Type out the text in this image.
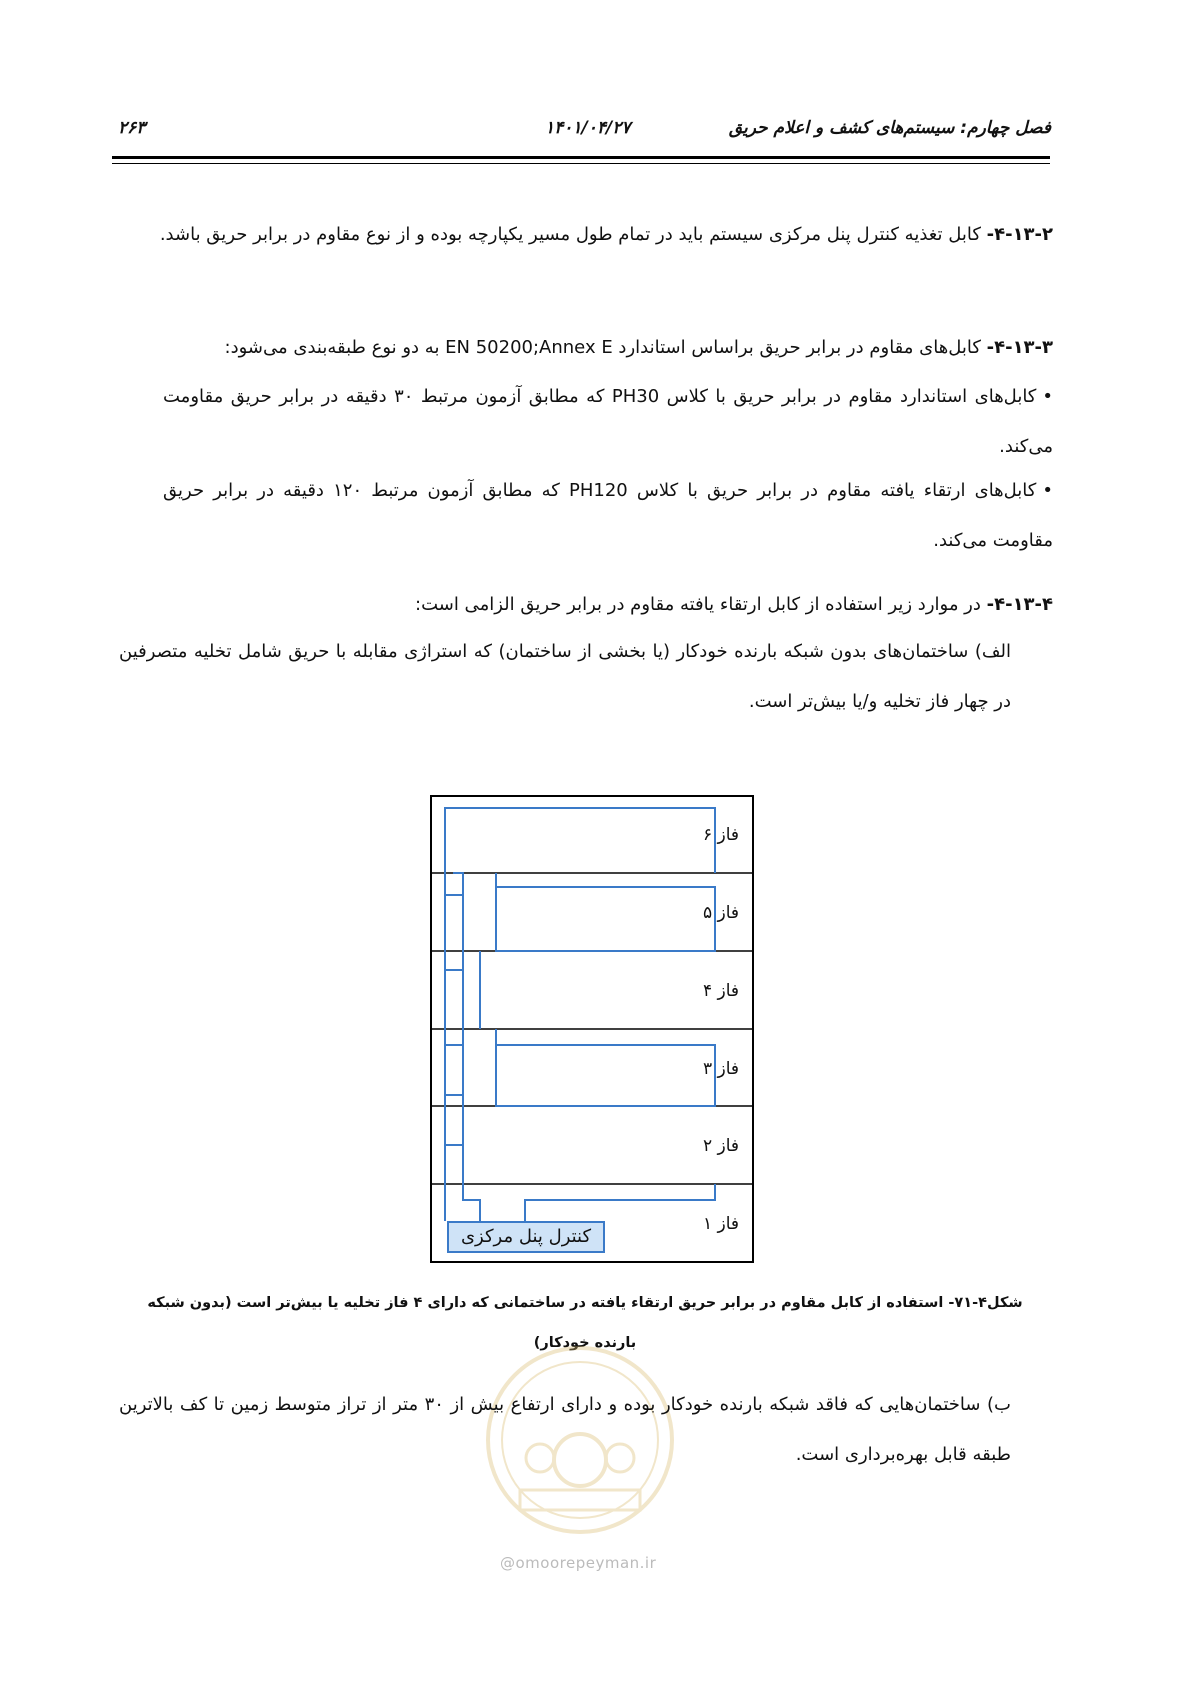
۲۶۳	۱۴۰۱/۰۴/۲۷	فصل چهارم: سیستم‌های کشف و اعلام حریق
۴-۱۳-۲- کابل تغذیه کنترل پنل مرکزی سیستم باید در تمام طول مسیر یکپارچه بوده و از نوع مقاوم در برابر حریق باشد.
۴-۱۳-۳- کابل‌های مقاوم در برابر حریق براساس استاندارد EN 50200;Annex E به دو نوع طبقه‌بندی می‌شود:
•کابل‌های استاندارد مقاوم در برابر حریق با کلاس PH30 که مطابق آزمون مرتبط ۳۰ دقیقه در برابر حریق مقاومت می‌کند.
•کابل‌های ارتقاء یافته مقاوم در برابر حریق با کلاس PH120 که مطابق آزمون مرتبط ۱۲۰ دقیقه در برابر حریق مقاومت می‌کند.
۴-۱۳-۴- در موارد زیر استفاده از کابل ارتقاء یافته مقاوم در برابر حریق الزامی است:
الف) ساختمان‌های بدون شبکه بارنده خودکار (یا بخشی از ساختمان) که استراژی مقابله با حریق شامل تخلیه متصرفین در چهار فاز تخلیه و/یا بیش‌تر است.
فاز ۶
فاز ۵
فاز ۴
فاز ۳
فاز ۲
فاز ۱
کنترل پنل مرکزی
شکل۴-۷۱- استفاده از کابل مقاوم در برابر حریق ارتقاء یافته در ساختمانی که دارای ۴ فاز تخلیه یا بیش‌تر است (بدون شبکه بارنده خودکار)
@omoorepeyman.ir
ب) ساختمان‌هایی که فاقد شبکه بارنده خودکار بوده و دارای ارتفاع بیش از ۳۰ متر از تراز متوسط زمین تا کف بالاترین طبقه قابل بهره‌برداری است.
